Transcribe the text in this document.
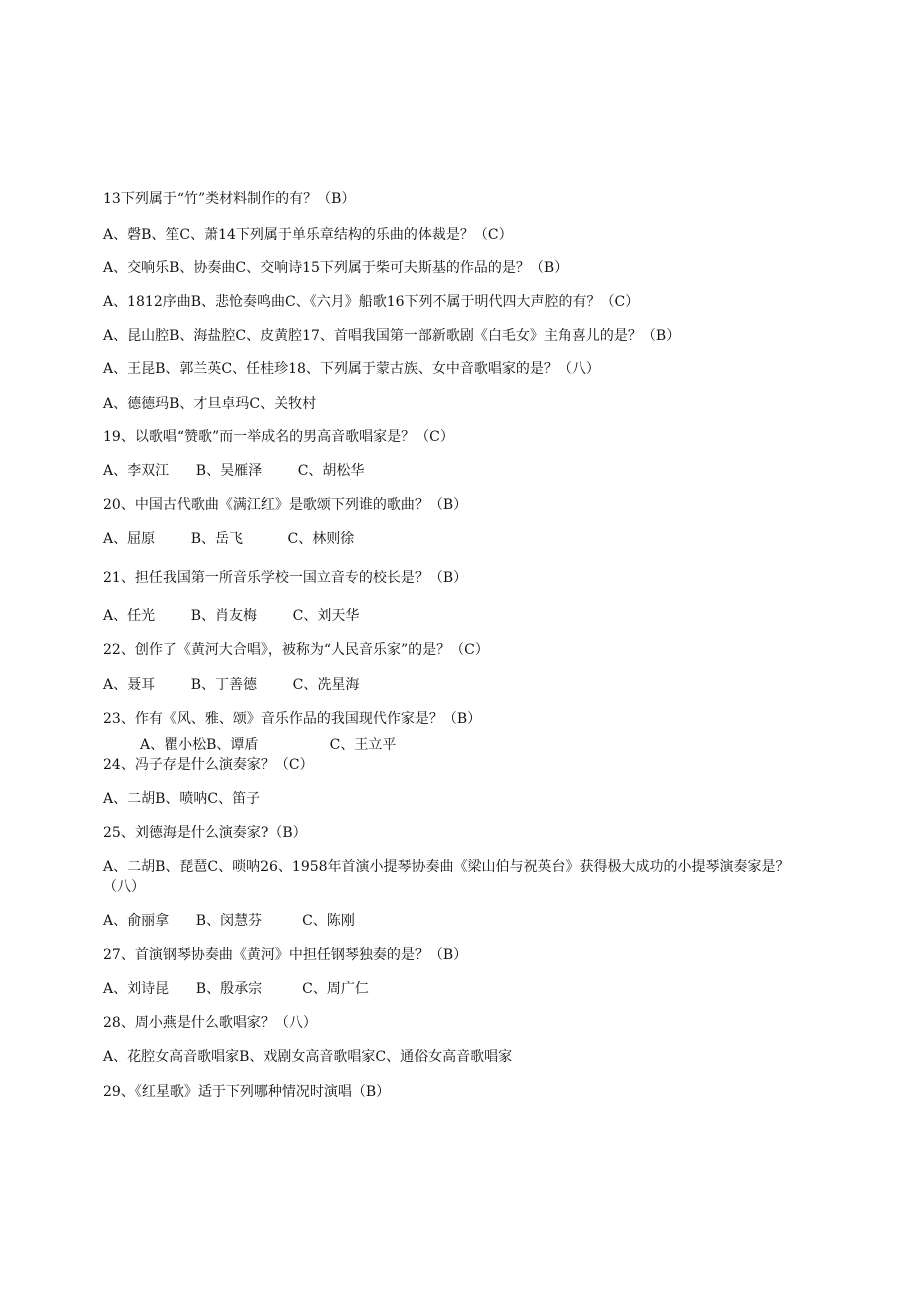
13下列属于“竹”类材料制作的有？（B）
A、磬B、笙C、萧14下列属于单乐章结构的乐曲的体裁是？（C）
A、交响乐B、协奏曲C、交响诗15下列属于柴可夫斯基的作品的是？（B）
A、1812序曲B、悲怆奏鸣曲C、《六月》船歌16下列不属于明代四大声腔的有？（C）
A、昆山腔B、海盐腔C、皮黄腔17、首唱我国第一部新歌剧《白毛女》主角喜儿的是？（B）
A、王昆B、郭兰英C、任桂珍18、下列属于蒙古族、女中音歌唱家的是？（八）
A、德德玛B、才旦卓玛C、关牧村
19、以歌唱“赞歌”而一举成名的男高音歌唱家是？（C）
A、李双江      B、吴雁泽        C、胡松华
20、中国古代歌曲《满江红》是歌颂下列谁的歌曲？（B）
A、屈原        B、岳飞          C、林则徐
21、担任我国第一所音乐学校一国立音专的校长是？（B）
A、任光        B、肖友梅        C、刘天华
22、创作了《黄河大合唱》，被称为“人民音乐家”的是？（C）
A、聂耳        B、丁善德        C、冼星海
23、作有《风、雅、颂》音乐作品的我国现代作家是？（B）
A、瞿小松B、谭盾                C、王立平
24、冯子存是什么演奏家？（C）
A、二胡B、喷呐C、笛子
25、刘德海是什么演奏家?（B）
A、二胡B、琵琶C、唢呐26、1958年首演小提琴协奏曲《梁山伯与祝英台》获得极大成功的小提琴演奏家是？（八）
A、俞丽拿      B、闵慧芬         C、陈刚
27、首演钢琴协奏曲《黄河》中担任钢琴独奏的是？（B）
A、刘诗昆      B、殷承宗         C、周广仁
28、周小燕是什么歌唱家？（八）
A、花腔女高音歌唱家B、戏剧女高音歌唱家C、通俗女高音歌唱家
29、《红星歌》适于下列哪种情况时演唱（B）
